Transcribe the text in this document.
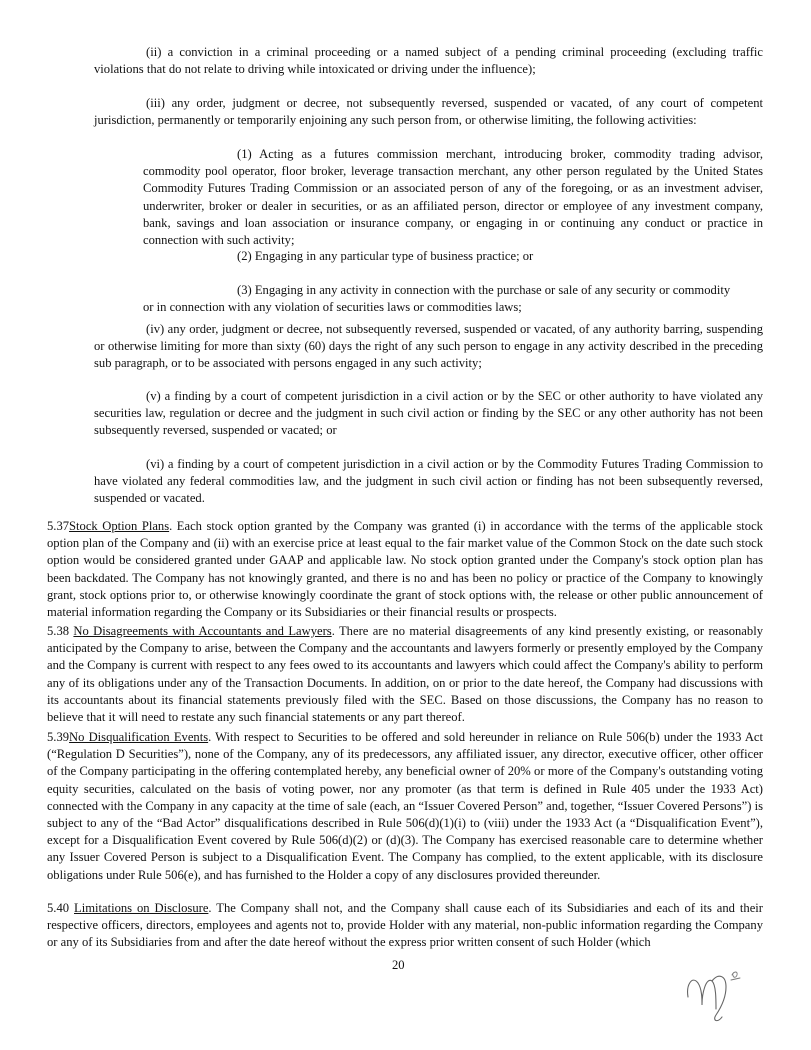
(ii) a conviction in a criminal proceeding or a named subject of a pending criminal proceeding (excluding traffic violations that do not relate to driving while intoxicated or driving under the influence);

(iii) any order, judgment or decree, not subsequently reversed, suspended or vacated, of any court of competent jurisdiction, permanently or temporarily enjoining any such person from, or otherwise limiting, the following activities:

(1) Acting as a futures commission merchant, introducing broker, commodity trading advisor, commodity pool operator, floor broker, leverage transaction merchant, any other person regulated by the United States Commodity Futures Trading Commission or an associated person of any of the foregoing, or as an investment adviser, underwriter, broker or dealer in securities, or as an affiliated person, director or employee of any investment company, bank, savings and loan association or insurance company, or engaging in or continuing any conduct or practice in connection with such activity;

(2) Engaging in any particular type of business practice; or

(3) Engaging in any activity in connection with the purchase or sale of any security or commodity
or in connection with any violation of securities laws or commodities laws;

(iv) any order, judgment or decree, not subsequently reversed, suspended or vacated, of any authority barring, suspending or otherwise limiting for more than sixty (60) days the right of any such person to engage in any activity described in the preceding sub paragraph, or to be associated with persons engaged in any such activity;

(v) a finding by a court of competent jurisdiction in a civil action or by the SEC or other authority to have violated any securities law, regulation or decree and the judgment in such civil action or finding by the SEC or any other authority has not been subsequently reversed, suspended or vacated; or

(vi) a finding by a court of competent jurisdiction in a civil action or by the Commodity Futures Trading Commission to have violated any federal commodities law, and the judgment in such civil action or finding has not been subsequently reversed, suspended or vacated.

5.37Stock Option Plans. Each stock option granted by the Company was granted (i) in accordance with the terms of the applicable stock option plan of the Company and (ii) with an exercise price at least equal to the fair market value of the Common Stock on the date such stock option would be considered granted under GAAP and applicable law. No stock option granted under the Company's stock option plan has been backdated. The Company has not knowingly granted, and there is no and has been no policy or practice of the Company to knowingly grant, stock options prior to, or otherwise knowingly coordinate the grant of stock options with, the release or other public announcement of material information regarding the Company or its Subsidiaries or their financial results or prospects.

5.38 No Disagreements with Accountants and Lawyers. There are no material disagreements of any kind presently existing, or reasonably anticipated by the Company to arise, between the Company and the accountants and lawyers formerly or presently employed by the Company and the Company is current with respect to any fees owed to its accountants and lawyers which could affect the Company's ability to perform any of its obligations under any of the Transaction Documents. In addition, on or prior to the date hereof, the Company had discussions with its accountants about its financial statements previously filed with the SEC. Based on those discussions, the Company has no reason to believe that it will need to restate any such financial statements or any part thereof.

5.39No Disqualification Events. With respect to Securities to be offered and sold hereunder in reliance on Rule 506(b) under the 1933 Act (“Regulation D Securities”), none of the Company, any of its predecessors, any affiliated issuer, any director, executive officer, other officer of the Company participating in the offering contemplated hereby, any beneficial owner of 20% or more of the Company's outstanding voting equity securities, calculated on the basis of voting power, nor any promoter (as that term is defined in Rule 405 under the 1933 Act) connected with the Company in any capacity at the time of sale (each, an “Issuer Covered Person” and, together, “Issuer Covered Persons”) is subject to any of the “Bad Actor” disqualifications described in Rule 506(d)(1)(i) to (viii) under the 1933 Act (a “Disqualification Event”), except for a Disqualification Event covered by Rule 506(d)(2) or (d)(3). The Company has exercised reasonable care to determine whether any Issuer Covered Person is subject to a Disqualification Event. The Company has complied, to the extent applicable, with its disclosure obligations under Rule 506(e), and has furnished to the Holder a copy of any disclosures provided thereunder.

5.40 Limitations on Disclosure. The Company shall not, and the Company shall cause each of its Subsidiaries and each of its and their respective officers, directors, employees and agents not to, provide Holder with any material, non-public information regarding the Company or any of its Subsidiaries from and after the date hereof without the express prior written consent of such Holder (which

20
